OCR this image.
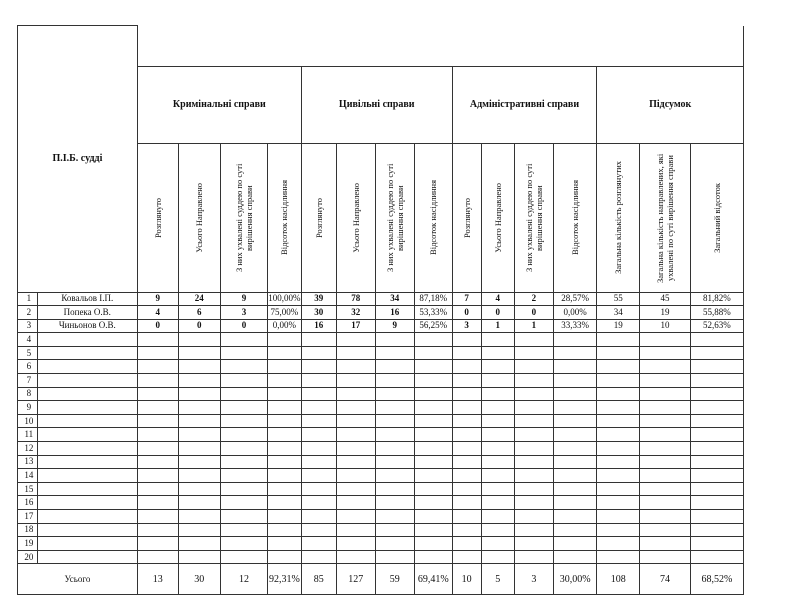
П.І.Б. судді																
		Кримінальні справи				Цивільні справи				Адміністративні справи				Підсумок		

		Розглянуто	Усього Направлено	З них ухвалені суддею по суті вирішення справи	Відсоток насідлиння	Розглянуто	Усього Направлено	З них ухвалені суддею по суті вирішення справи	Відсоток насідлиння	Розглянуто	Усього Направлено	З них ухвалені суддею по суті вирішення справи	Відсоток насідлиння	Загальна кількість розглянутих	Загальна кількість направлених, які ухвалені по суті вирішення справи	Загальний відсоток

1	Ковальов І.П.	9	24	9	100,00%	39	78	34	87,18%	7	4	2	28,57%	55	45	81,82%
2	Попека О.В.	4	6	3	75,00%	30	32	16	53,33%	0	0	0	0,00%	34	19	55,88%
3	Чиньонов О.В.	0	0	0	0,00%	16	17	9	56,25%	3	1	1	33,33%	19	10	52,63%
4																
5																
6																
7																
8																
9																
10																
11																
12																
13																
14																
15																
16																
17																
18																
19																
20																
Усього		13	30	12	92,31%	85	127	59	69,41%	10	5	3	30,00%	108	74	68,52%
